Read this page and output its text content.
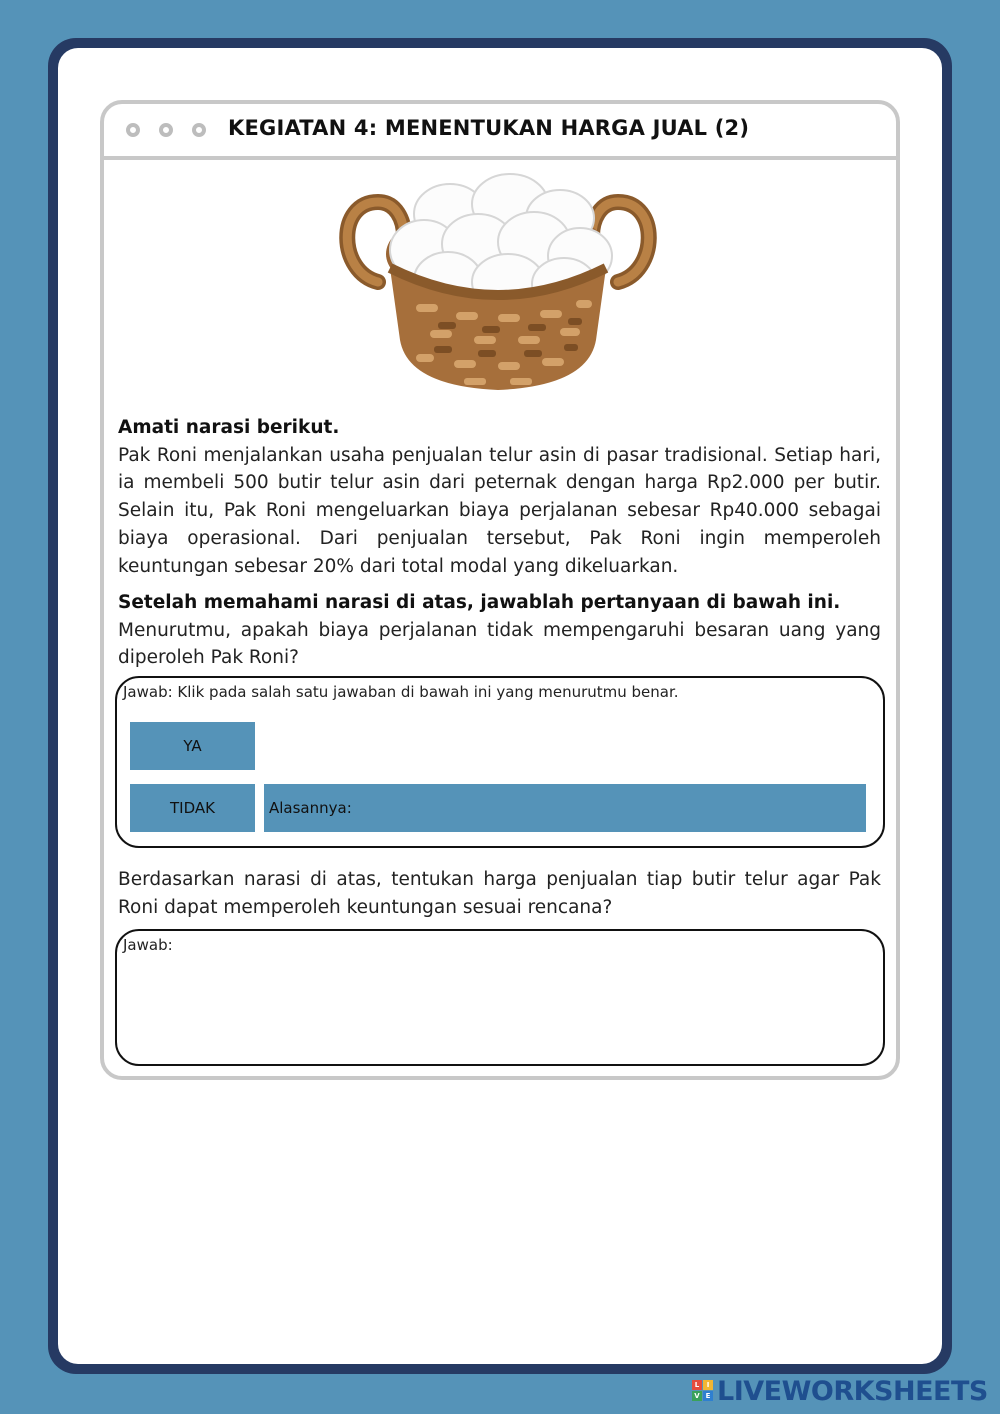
KEGIATAN 4: MENENTUKAN HARGA JUAL (2)
Amati narasi berikut.
Pak Roni menjalankan usaha penjualan telur asin di pasar tradisional. Setiap hari, ia membeli 500 butir telur asin dari peternak dengan harga Rp2.000 per butir. Selain itu, Pak Roni mengeluarkan biaya perjalanan sebesar Rp40.000 sebagai biaya operasional. Dari penjualan tersebut, Pak Roni ingin memperoleh keuntungan sebesar 20% dari total modal yang dikeluarkan.
Setelah memahami narasi di atas, jawablah pertanyaan di bawah ini.
Menurutmu, apakah biaya perjalanan tidak mempengaruhi besaran uang yang diperoleh Pak Roni?
Jawab: Klik pada salah satu jawaban di bawah ini yang menurutmu benar.
YA
TIDAK	Alasannya:
Berdasarkan narasi di atas, tentukan harga penjualan tiap butir telur agar Pak Roni dapat memperoleh keuntungan sesuai rencana?
Jawab:
L	I
V E LIVEWORKSHEETS
